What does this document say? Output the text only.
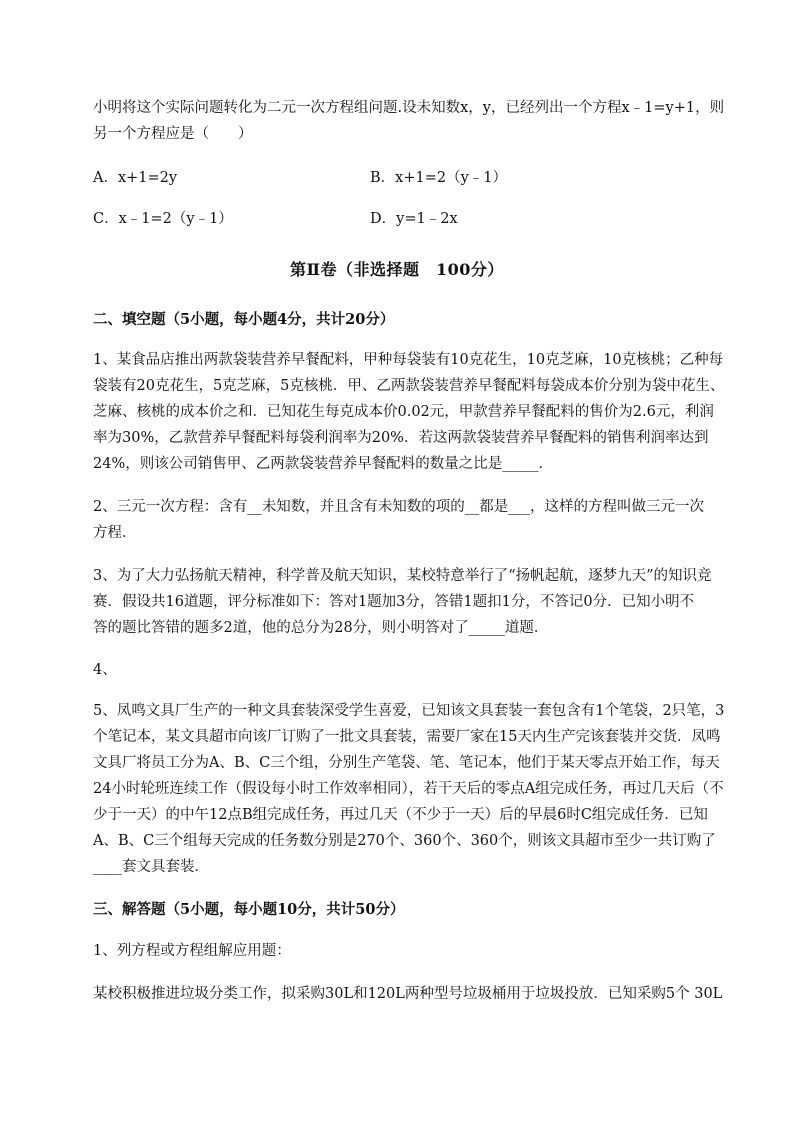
小明将这个实际问题转化为二元一次方程组问题.设未知数x，y，已经列出一个方程x﹣1=y+1，则
另一个方程应是（　　）
A．x+1=2y	B．x+1=2（y﹣1）
C．x﹣1=2（y﹣1）	D．y=1﹣2x
第Ⅱ卷（非选择题　100分）
二、填空题（5小题，每小题4分，共计20分）
1、某食品店推出两款袋装营养早餐配料，甲种每袋装有10克花生，10克芝麻，10克核桃；乙种每
袋装有20克花生，5克芝麻，5克核桃．甲、乙两款袋装营养早餐配料每袋成本价分别为袋中花生、
芝麻、核桃的成本价之和．已知花生每克成本价0.02元，甲款营养早餐配料的售价为2.6元，利润
率为30%，乙款营养早餐配料每袋利润率为20%．若这两款袋装营养早餐配料的销售利润率达到
24%，则该公司销售甲、乙两款袋装营养早餐配料的数量之比是_____．
2、三元一次方程：含有__未知数，并且含有未知数的项的__都是___，这样的方程叫做三元一次
方程．
3、为了大力弘扬航天精神，科学普及航天知识，某校特意举行了“扬帆起航，逐梦九天”的知识竞
赛．假设共16道题，评分标准如下：答对1题加3分，答错1题扣1分，不答记0分．已知小明不
答的题比答错的题多2道，他的总分为28分，则小明答对了_____道题．
4、
5、凤鸣文具厂生产的一种文具套装深受学生喜爱，已知该文具套装一套包含有1个笔袋，2只笔，3
个笔记本，某文具超市向该厂订购了一批文具套装，需要厂家在15天内生产完该套装并交货．凤鸣
文具厂将员工分为A、B、C三个组，分别生产笔袋、笔、笔记本，他们于某天零点开始工作，每天
24小时轮班连续工作（假设每小时工作效率相同），若干天后的零点A组完成任务，再过几天后（不
少于一天）的中午12点B组完成任务，再过几天（不少于一天）后的早晨6时C组完成任务．已知
A、B、C三个组每天完成的任务数分别是270个、360个、360个，则该文具超市至少一共订购了
____套文具套装．
三、解答题（5小题，每小题10分，共计50分）
1、列方程或方程组解应用题：
某校积极推进垃圾分类工作，拟采购30L和120L两种型号垃圾桶用于垃圾投放．已知采购5个 30L
